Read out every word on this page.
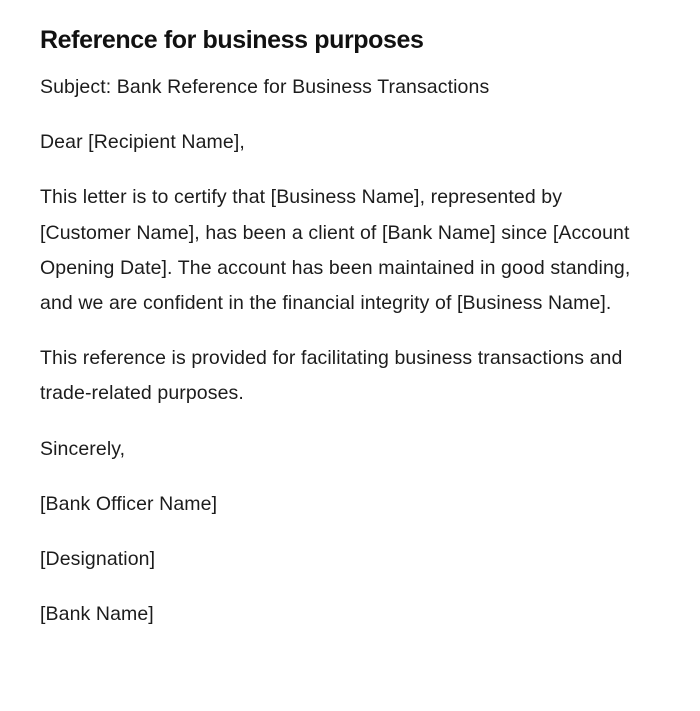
Reference for business purposes

Subject: Bank Reference for Business Transactions

Dear [Recipient Name],

This letter is to certify that [Business Name], represented by [Customer Name], has been a client of [Bank Name] since [Account Opening Date]. The account has been maintained in good standing, and we are confident in the financial integrity of [Business Name].

This reference is provided for facilitating business transactions and trade-related purposes.

Sincerely,

[Bank Officer Name]

[Designation]

[Bank Name]
